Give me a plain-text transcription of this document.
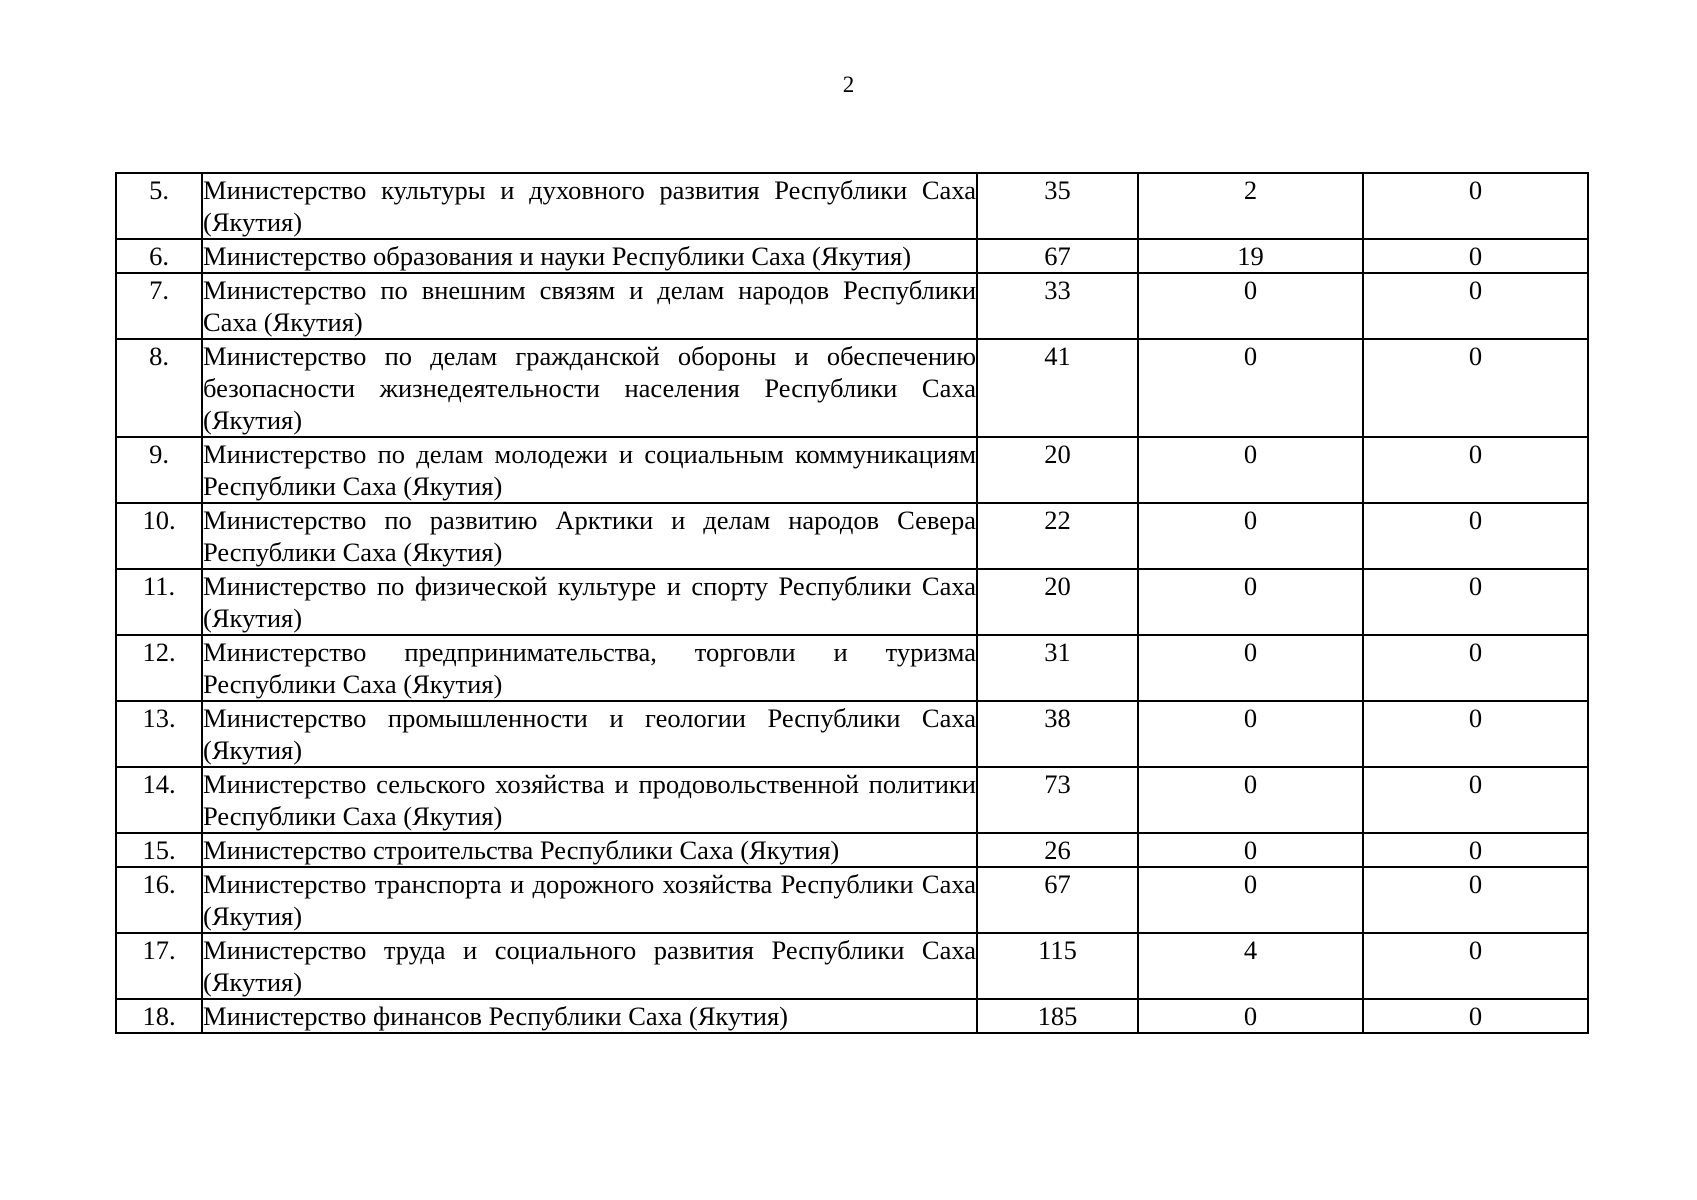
2
5.	Министерство культуры и духовного развития Республики Саха (Якутия)	35	2	0
6.	Министерство образования и науки Республики Саха (Якутия)	67	19	0
7.	Министерство по внешним связям и делам народов Республики Саха (Якутия)	33	0	0
8.	Министерство по делам гражданской обороны и обеспечению безопасности жизнедеятельности населения Республики Саха (Якутия)	41	0	0
9.	Министерство по делам молодежи и социальным коммуникациям Республики Саха (Якутия)	20	0	0
10.	Министерство по развитию Арктики и делам народов Севера Республики Саха (Якутия)	22	0	0
11.	Министерство по физической культуре и спорту Республики Саха (Якутия)	20	0	0
12.	Министерство предпринимательства, торговли и туризма Республики Саха (Якутия)	31	0	0
13.	Министерство промышленности и геологии Республики Саха (Якутия)	38	0	0
14.	Министерство сельского хозяйства и продовольственной политики Республики Саха (Якутия)	73	0	0
15.	Министерство строительства Республики Саха (Якутия)	26	0	0
16.	Министерство транспорта и дорожного хозяйства Республики Саха (Якутия)	67	0	0
17.	Министерство труда и социального развития Республики Саха (Якутия)	115	4	0
18.	Министерство финансов Республики Саха (Якутия)	185	0	0
